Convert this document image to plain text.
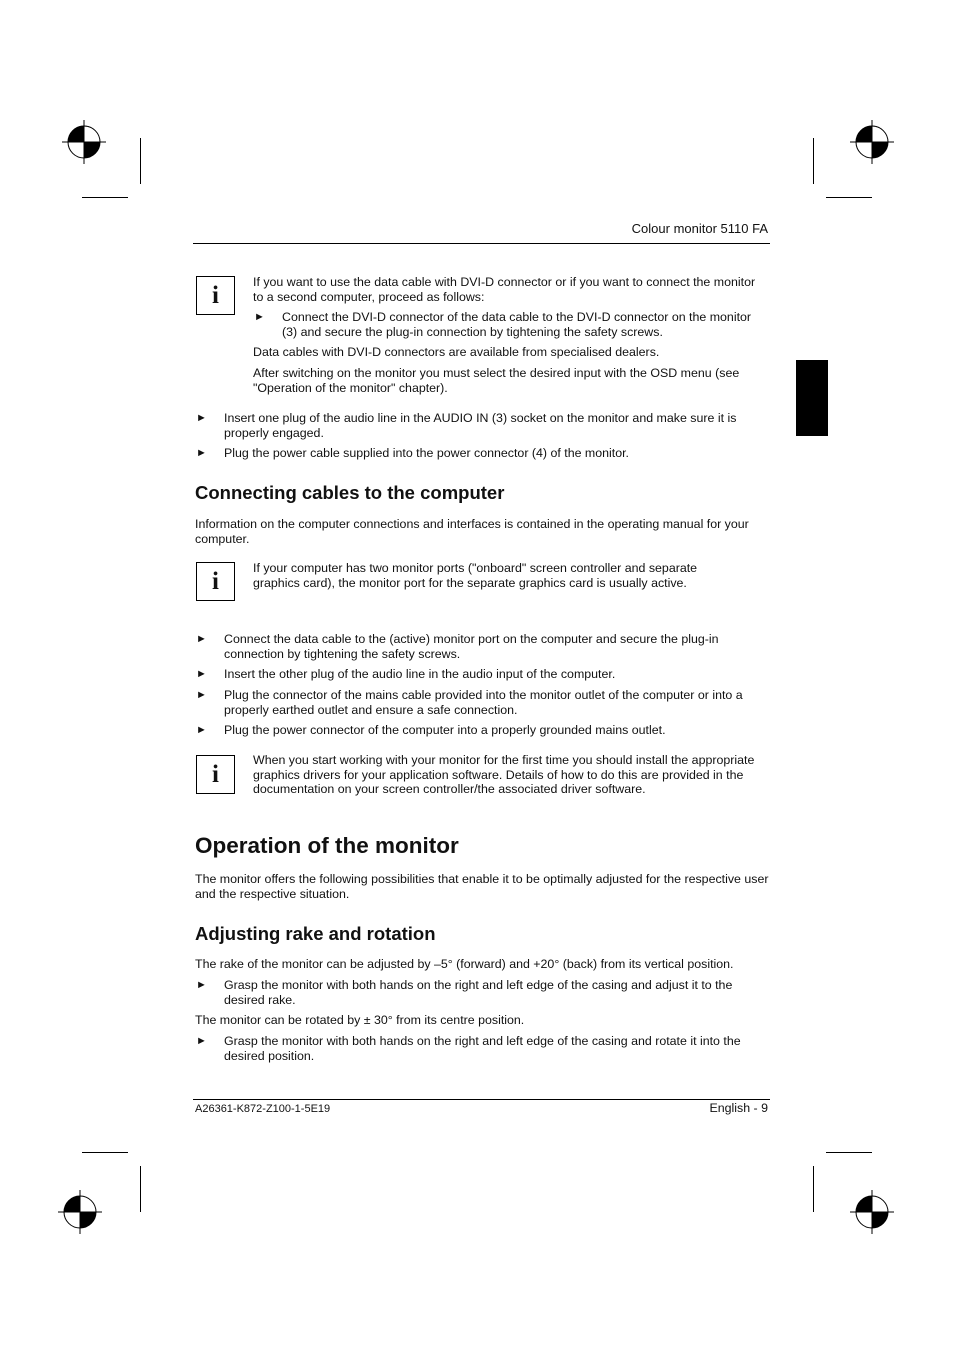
Colour monitor 5110 FA
i	If you want to use the data cable with DVI-D connector or if you want to connect the monitor to a second computer, proceed as follows:

► Connect the DVI-D connector of the data cable to the DVI-D connector on the monitor (3) and secure the plug-in connection by tightening the safety screws.

Data cables with DVI-D connectors are available from specialised dealers.

After switching on the monitor you must select the desired input with the OSD menu (see "Operation of the monitor" chapter).

► Insert one plug of the audio line in the AUDIO IN (3) socket on the monitor and make sure it is properly engaged.

► Plug the power cable supplied into the power connector (4) of the monitor.

Connecting cables to the computer

Information on the computer connections and interfaces is contained in the operating manual for your computer.

i	If your computer has two monitor ports ("onboard" screen controller and separate graphics card), the monitor port for the separate graphics card is usually active.

► Connect the data cable to the (active) monitor port on the computer and secure the plug-in connection by tightening the safety screws.

► Insert the other plug of the audio line in the audio input of the computer.

► Plug the connector of the mains cable provided into the monitor outlet of the computer or into a properly earthed outlet and ensure a safe connection.

► Plug the power connector of the computer into a properly grounded mains outlet.

i

When you start working with your monitor for the first time you should install the appropriate graphics drivers for your application software. Details of how to do this are provided in the documentation on your screen controller/the associated driver software.

Operation of the monitor

The monitor offers the following possibilities that enable it to be optimally adjusted for the respective user and the respective situation.

Adjusting rake and rotation

The rake of the monitor can be adjusted by –5° (forward) and +20° (back) from its vertical position.

► Grasp the monitor with both hands on the right and left edge of the casing and adjust it to the desired rake.

The monitor can be rotated by ± 30° from its centre position.

► Grasp the monitor with both hands on the right and left edge of the casing and rotate it into the desired position.

A26361-K872-Z100-1-5E19	English - 9
